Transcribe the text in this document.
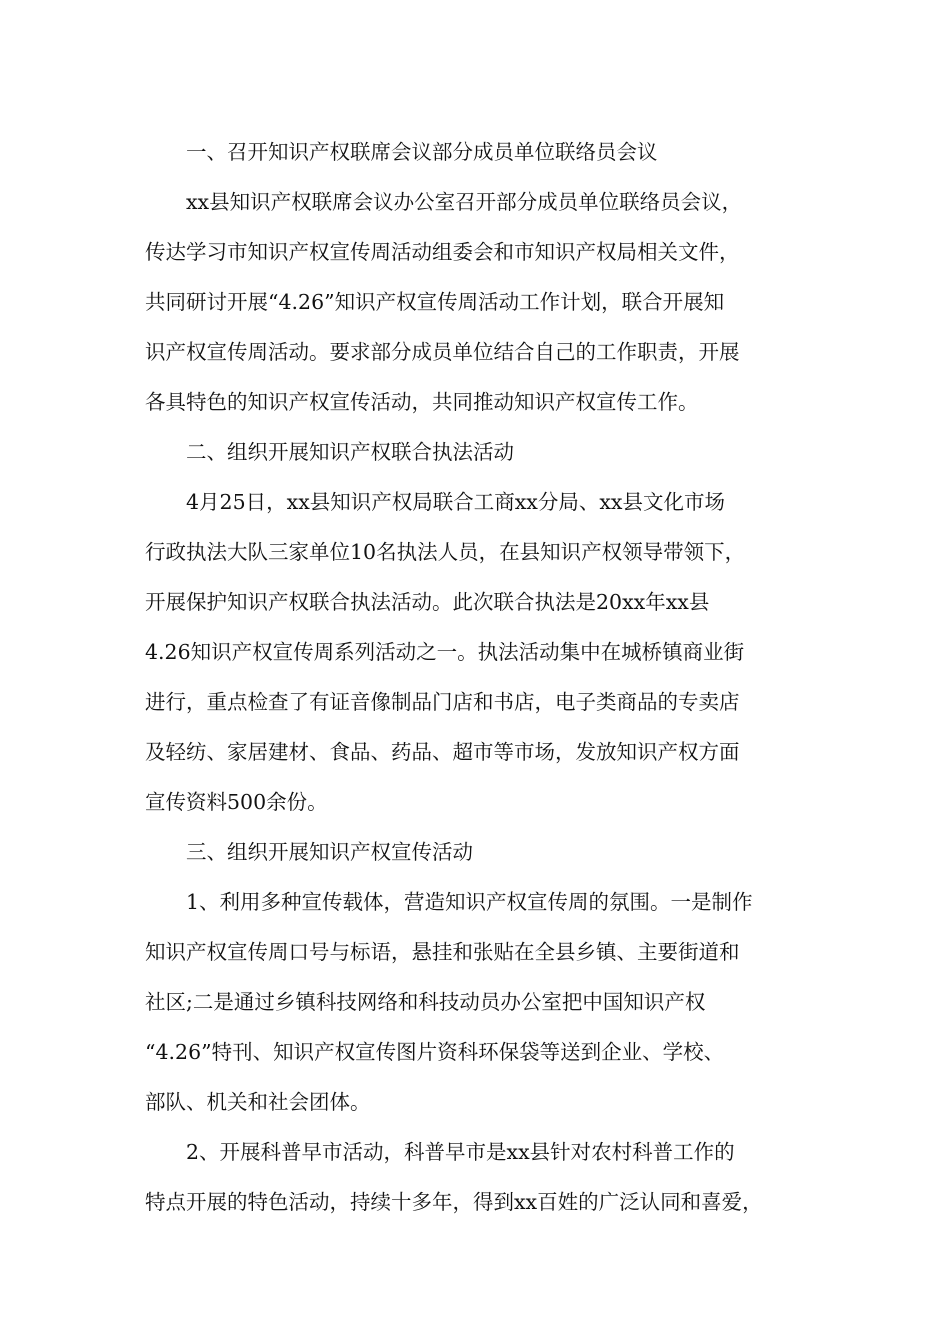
一、召开知识产权联席会议部分成员单位联络员会议

xx县知识产权联席会议办公室召开部分成员单位联络员会议，
传达学习市知识产权宣传周活动组委会和市知识产权局相关文件，
共同研讨开展“4.26”知识产权宣传周活动工作计划，联合开展知
识产权宣传周活动。要求部分成员单位结合自己的工作职责，开展
各具特色的知识产权宣传活动，共同推动知识产权宣传工作。

二、组织开展知识产权联合执法活动

4月25日，xx县知识产权局联合工商xx分局、xx县文化市场
行政执法大队三家单位10名执法人员，在县知识产权领导带领下，
开展保护知识产权联合执法活动。此次联合执法是20xx年xx县
4.26知识产权宣传周系列活动之一。执法活动集中在城桥镇商业街
进行，重点检查了有证音像制品门店和书店，电子类商品的专卖店
及轻纺、家居建材、食品、药品、超市等市场，发放知识产权方面
宣传资料500余份。

三、组织开展知识产权宣传活动

1、利用多种宣传载体，营造知识产权宣传周的氛围。一是制作
知识产权宣传周口号与标语，悬挂和张贴在全县乡镇、主要街道和
社区;二是通过乡镇科技网络和科技动员办公室把中国知识产权
“4.26”特刊、知识产权宣传图片资科环保袋等送到企业、学校、
部队、机关和社会团体。

2、开展科普早市活动，科普早市是xx县针对农村科普工作的
特点开展的特色活动，持续十多年，得到xx百姓的广泛认同和喜爱，
